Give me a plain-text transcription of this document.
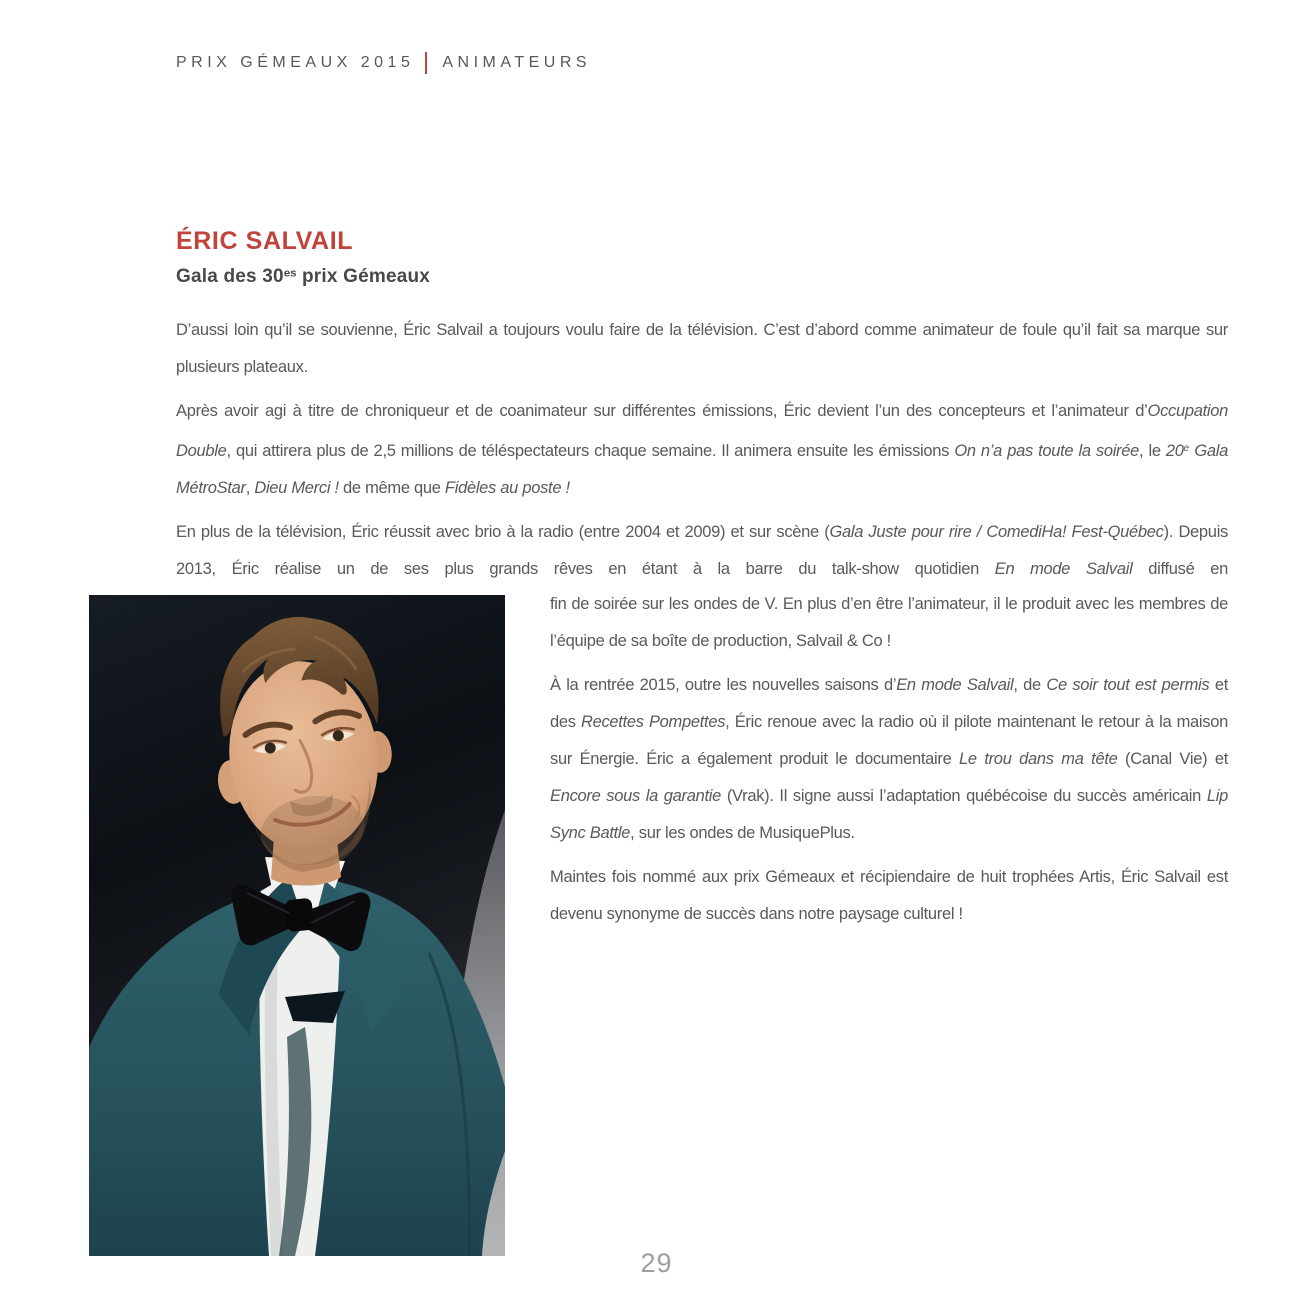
PRIX GÉMEAUX 2015 ANIMATEURS
ÉRIC SALVAIL
Gala des $30^{es}$ prix Gémeaux

D’aussi loin qu’il se souvienne, Éric Salvail a toujours voulu faire de la télévision. C’est d’abord comme animateur de foule qu’il fait sa marque sur plusieurs plateaux.

Après avoir agi à titre de chroniqueur et de coanimateur sur différentes émissions, Éric devient l’un des concepteurs et l’animateur d’Occupation Double, qui attirera plus de 2,5 millions de téléspectateurs chaque semaine. Il animera ensuite les émissions On n’a pas toute la soirée, le 20e Gala MétroStar, Dieu Merci ! de même que Fidèles au poste !

En plus de la télévision, Éric réussit avec brio à la radio (entre 2004 et 2009) et sur scène (Gala Juste pour rire / ComediHa! Fest-Québec). Depuis 2013, Éric réalise un de ses plus grands rêves en étant à la barre du talk-show quotidien En mode Salvail diffusé en

fin de soirée sur les ondes de V. En plus d’en être l’animateur, il le produit avec les membres de l’équipe de sa boîte de production, Salvail & Co !

À la rentrée 2015, outre les nouvelles saisons d’En mode Salvail, de Ce soir tout est permis et des Recettes Pompettes, Éric renoue avec la radio où il pilote maintenant le retour à la maison sur Énergie. Éric a également produit le documentaire Le trou dans ma tête (Canal Vie) et Encore sous la garantie (Vrak). Il signe aussi l’adaptation québécoise du succès américain Lip Sync Battle, sur les ondes de MusiquePlus.

Maintes fois nommé aux prix Gémeaux et récipiendaire de huit trophées Artis, Éric Salvail est devenu synonyme de succès dans notre paysage culturel !

29
